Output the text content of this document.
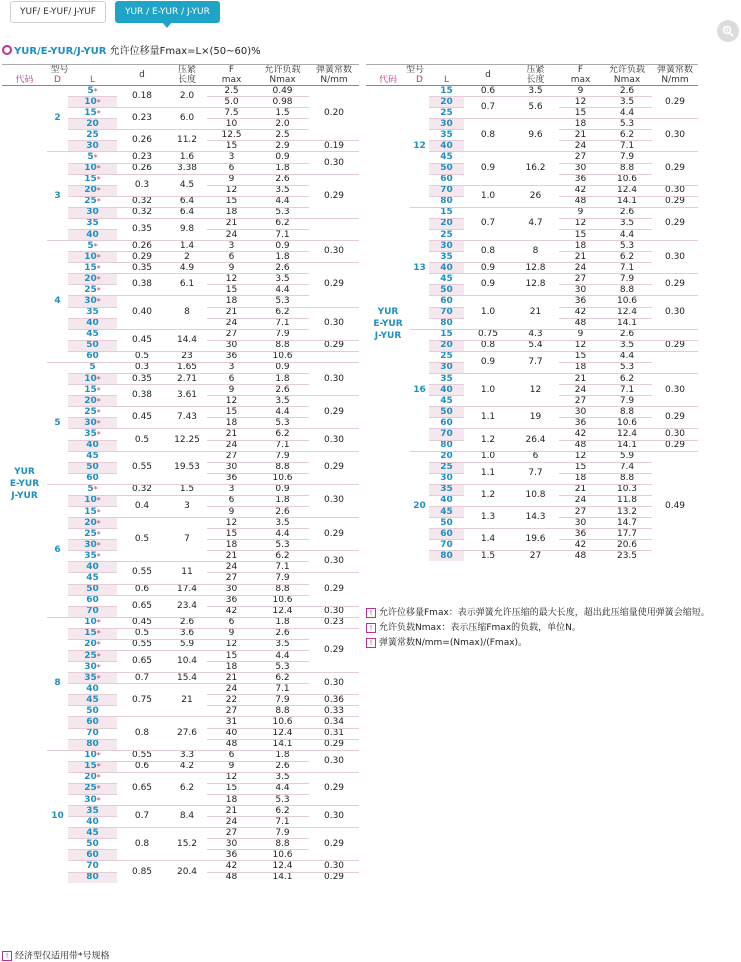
YUF/ E-YUF/ J-YUF	YUR / E-YUR / J-YUR
YUR/E-YUR/J-YUR 允许位移量Fmax=L×(50~60)%
型号			d	压紧长度	F
max	允许负载
Nmax	弹簧常数
N/mm
代码	D	L					

YUR
E-YUR
J-YUR	2	5*	0.18	2.0	2.5	0.49	0.20
		10*			5.0	0.98	
		15*	0.23	6.0	7.5	1.5	
		20			10	2.0	
		25	0.26	11.2	12.5	2.5	
		30			15	2.9	0.19
	3	5*	0.23	1.6	3	0.9	0.30
		10*	0.26	3.38	6	1.8	
		15*	0.3	4.5	9	2.6	0.29
		20*			12	3.5	
		25*	0.32	6.4	15	4.4	
		30	0.32	6.4	18	5.3	
		35	0.35	9.8	21	6.2	
		40			24	7.1	
	4	5*	0.26	1.4	3	0.9	0.30
		10*	0.29	2	6	1.8	
		15*	0.35	4.9	9	2.6	0.29
		20*	0.38	6.1	12	3.5	
		25*			15	4.4	
		30*	0.40	8	18	5.3	
		35			21	6.2	0.30
		40			24	7.1	
		45	0.45	14.4	27	7.9	
		50			30	8.8	0.29
		60	0.5	23	36	10.6	
	5	5	0.3	1.65	3	0.9	0.30
		10*	0.35	2.71	6	1.8	
		15*	0.38	3.61	9	2.6	
		20*			12	3.5	0.29
		25*	0.45	7.43	15	4.4	
		30*			18	5.3	
		35*	0.5	12.25	21	6.2	0.30
		40			24	7.1	
		45	0.55	19.53	27	7.9	0.29
		50			30	8.8	
		60			36	10.6	
	6	5*	0.32	1.5	3	0.9	0.30
		10*	0.4	3	6	1.8	
		15*			9	2.6	
		20*	0.5	7	12	3.5	0.29
		25*			15	4.4	
		30*			18	5.3	
		35*			21	6.2	0.30
		40	0.55	11	24	7.1	
		45			27	7.9	0.29
		50	0.6	17.4	30	8.8	
		60	0.65	23.4	36	10.6	
		70			42	12.4	0.30
	8	10*	0.45	2.6	6	1.8	0.23
		15*	0.5	3.6	9	2.6	0.29
		20*	0.55	5.9	12	3.5	
		25*	0.65	10.4	15	4.4	
		30*			18	5.3	
		35*	0.7	15.4	21	6.2	0.30
		40	0.75	21	24	7.1	
		45			22	7.9	0.36
		50			27	8.8	0.33
		60	0.8	27.6	31	10.6	0.34
		70			40	12.4	0.31
		80			48	14.1	0.29
	10	10*	0.55	3.3	6	1.8	0.30
		15*	0.6	4.2	9	2.6	
		20*	0.65	6.2	12	3.5	0.29
		25*			15	4.4	
		30*			18	5.3	
		35	0.7	8.4	21	6.2	0.30
		40			24	7.1	
		45	0.8	15.2	27	7.9	0.29
		50			30	8.8	
		60			36	10.6	
		70	0.85	20.4	42	12.4	0.30
		80			48	14.1	0.29
型号			d	压紧长度	F
max	允许负载
Nmax	弹簧常数
N/mm
代码	D	L					

YUR
E-YUR
J-YUR	12	15	0.6	3.5	9	2.6	0.29
		20	0.7	5.6	12	3.5	
		25			15	4.4	
		30	0.8	9.6	18	5.3	0.30
		35			21	6.2	
		40			24	7.1	
		45	0.9	16.2	27	7.9	0.29
		50			30	8.8	
		60			36	10.6	
		70	1.0	26	42	12.4	0.30
		80			48	14.1	0.29
	13	15	0.7	4.7	9	2.6	0.29
		20			12	3.5	
		25			15	4.4	
		30	0.8	8	18	5.3	0.30
		35			21	6.2	
		40	0.9	12.8	24	7.1	
		45	0.9	12.8	27	7.9	0.29
		50			30	8.8	
		60	1.0	21	36	10.6	0.30
		70			42	12.4	
		80			48	14.1	
	16	15	0.75	4.3	9	2.6	
		20	0.8	5.4	12	3.5	0.29
		25	0.9	7.7	15	4.4	
		30			18	5.3	
		35	1.0	12	21	6.2	0.30
		40			24	7.1	
		45			27	7.9	
		50	1.1	19	30	8.8	0.29
		60			36	10.6	
		70	1.2	26.4	42	12.4	0.30
		80			48	14.1	0.29
	20	20	1.0	6	12	5.9	0.49
		25	1.1	7.7	15	7.4	
		30			18	8.8	
		35	1.2	10.8	21	10.3	
		40			24	11.8	
		45	1.3	14.3	27	13.2	
		50			30	14.7	
		60	1.4	19.6	36	17.7	
		70			42	20.6	
		80	1.5	27	48	23.5	
! 允许位移量Fmax：表示弹簧允许压缩的最大长度，超出此压缩量使用弹簧会缩短。
! 允许负载Nmax：表示压缩Fmax的负载，单位N。
! 弹簧常数N/mm=(Nmax)/(Fmax)。
! 经济型仅适用带*号规格
